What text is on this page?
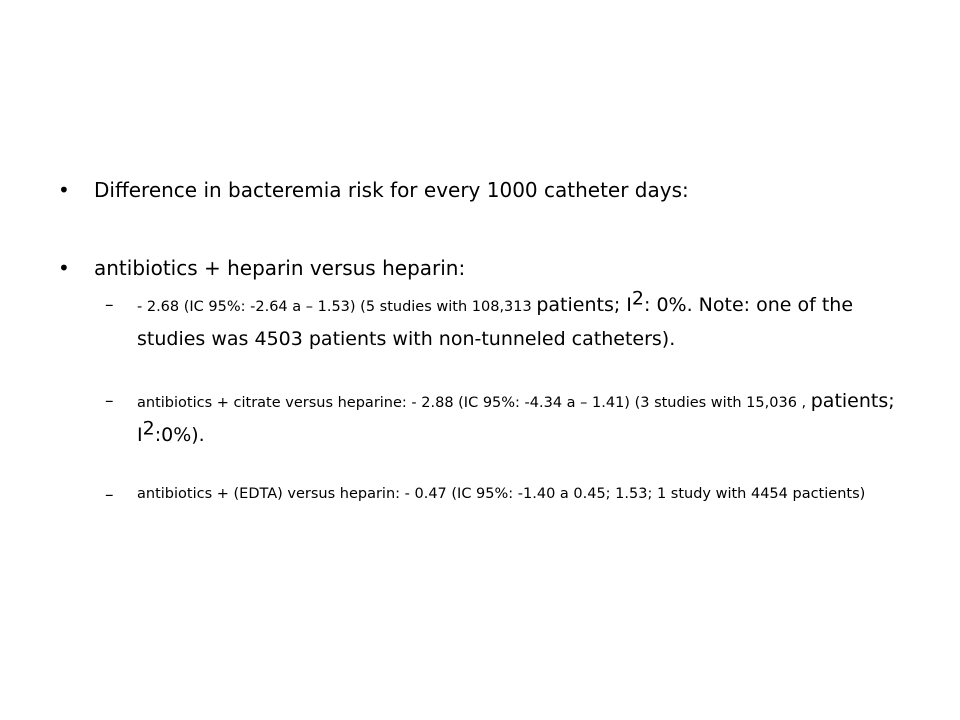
• Difference in bacteremia risk for every 1000 catheter days:
• antibiotics + heparin versus heparin:
– - 2.68 (IC 95%: -2.64 a – 1.53) (5 studies with 108,313 patients; $I^2$: 0%. Note: one of the studies was 4503 patients with non-tunneled catheters).
– antibiotics + citrate versus heparine: - 2.88 (IC 95%: -4.34 a – 1.41) (3 studies with 15,036 , patients; $I^2:0\%$).
– antibiotics + (EDTA) versus heparin: - 0.47 (IC 95%: -1.40 a 0.45; 1.53; 1 study with 4454 pactients)
